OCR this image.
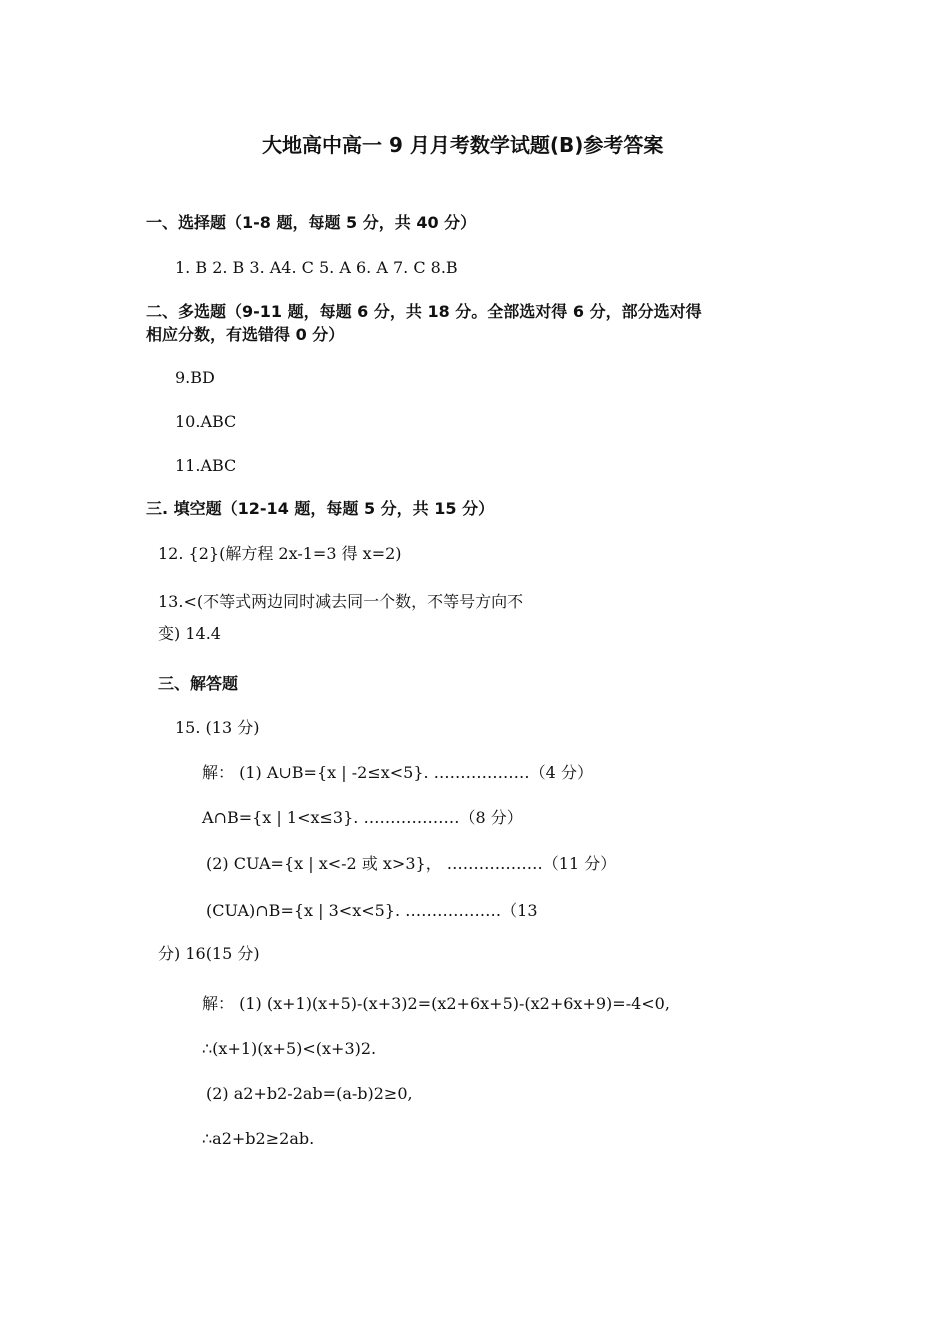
大地高中高一 9 月月考数学试题(B)参考答案
一、选择题（1-8 题，每题 5 分，共 40 分）
1. B 2. B 3. A4. C 5. A 6. A 7. C 8.B
二、多选题（9-11 题，每题 6 分，共 18 分。全部选对得 6 分，部分选对得
相应分数，有选错得 0 分）
9.BD
10.ABC
11.ABC
三. 填空题（12-14 题，每题 5 分，共 15 分）
12. {2}(解方程 2x-1=3 得 x=2)
13.<(不等式两边同时减去同一个数，不等号方向不
变) 14.4
三、解答题
15. (13 分)
解： (1) A∪B={x | -2≤x<5}. ………………（4 分）
A∩B={x | 1<x≤3}. ………………（8 分）
(2) CUA={x | x<-2 或 x>3}， ………………（11 分）
(CUA)∩B={x | 3<x<5}. ………………（13
分) 16(15 分)
解： (1) (x+1)(x+5)-(x+3)2=(x2+6x+5)-(x2+6x+9)=-4<0,
∴(x+1)(x+5)<(x+3)2.
(2) a2+b2-2ab=(a-b)2≥0,
∴a2+b2≥2ab.
